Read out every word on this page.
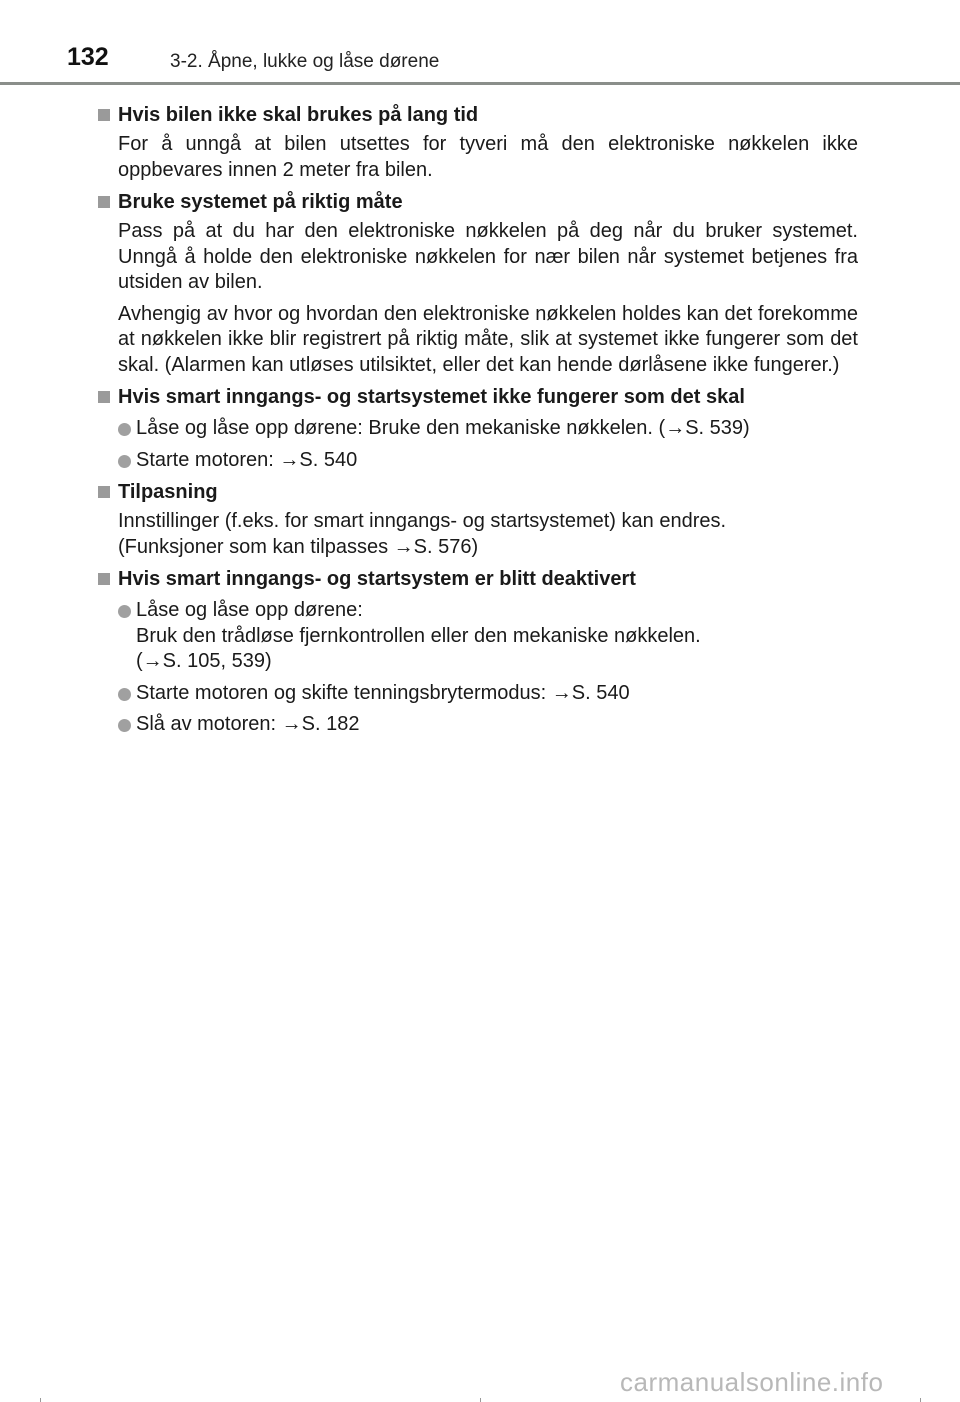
132	3-2. Åpne, lukke og låse dørene
Hvis bilen ikke skal brukes på lang tid
For å unngå at bilen utsettes for tyveri må den elektroniske nøkkelen ikke oppbevares innen 2 meter fra bilen.
Bruke systemet på riktig måte
Pass på at du har den elektroniske nøkkelen på deg når du bruker systemet. Unngå å holde den elektroniske nøkkelen for nær bilen når systemet betjenes fra utsiden av bilen.
Avhengig av hvor og hvordan den elektroniske nøkkelen holdes kan det forekomme at nøkkelen ikke blir registrert på riktig måte, slik at systemet ikke fungerer som det skal. (Alarmen kan utløses utilsiktet, eller det kan hende dørlåsene ikke fungerer.)
Hvis smart inngangs- og startsystemet ikke fungerer som det skal
Låse og låse opp dørene: Bruke den mekaniske nøkkelen. (→S. 539)
Starte motoren: →S. 540
Tilpasning
Innstillinger (f.eks. for smart inngangs- og startsystemet) kan endres.
(Funksjoner som kan tilpasses →S. 576)
Hvis smart inngangs- og startsystem er blitt deaktivert
Låse og låse opp dørene:
Bruk den trådløse fjernkontrollen eller den mekaniske nøkkelen.
(→S. 105, 539)
Starte motoren og skifte tenningsbrytermodus: →S. 540
Slå av motoren: →S. 182
carmanualsonline.info
